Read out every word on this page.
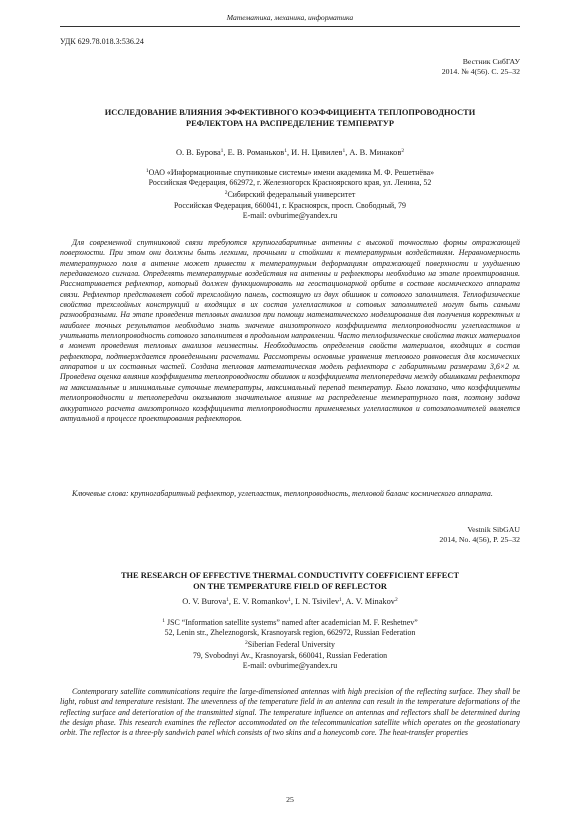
Математика, механика, информатика
УДК 629.78.018.3:536.24
Вестник СибГАУ
2014. № 4(56). С. 25–32
ИССЛЕДОВАНИЕ ВЛИЯНИЯ ЭФФЕКТИВНОГО КОЭФФИЦИЕНТА ТЕПЛОПРОВОДНОСТИ
РЕФЛЕКТОРА НА РАСПРЕДЕЛЕНИЕ ТЕМПЕРАТУР
О. В. Бурова$^1$, Е. В. Романьков$^1$, И. Н. Цивилев$^1$, А. В. Минаков$^2$
$^1$ОАО «Информационные спутниковые системы» имени академика М. Ф. Решетнёва»
Российская Федерация, 662972, г. Железногорск Красноярского края, ул. Ленина, 52
$^2$Сибирский федеральный университет
Российская Федерация, 660041, г. Красноярск, просп. Свободный, 79
E-mail: ovburime@yandex.ru

Для современной спутниковой связи требуются крупногабаритные антенны с высокой точностью формы отражающей поверхности. При этом они должны быть легкими, прочными и стойкими к температурным воздействиям. Неравномерность температурного поля в антенне может привести к температурным деформациям отражающей поверхности и ухудшению передаваемого сигнала. Определять температурные воздействия на антенны и рефлекторы необходимо на этапе проектирования. Рассматривается рефлектор, который должен функционировать на геостационарной орбите в составе космического аппарата связи. Рефлектор представляет собой трехслойную панель, состоящую из двух обшивок и сотового заполнителя. Теплофизические свойства трехслойных конструкций и входящих в их состав углепластиков и сотовых заполнителей могут быть самыми разнообразными. На этапе проведения тепловых анализов при помощи математического моделирования для получения корректных и наиболее точных результатов необходимо знать значение анизотропного коэффициента теплопроводности углепластиков и учитывать теплопроводность сотового заполнителя в продольном направлении. Часто теплофизические свойства таких материалов в момент проведения тепловых анализов неизвестны. Необходимость определения свойств материалов, входящих в состав рефлектора, подтверждается проведенными расчетами. Рассмотрены основные уравнения теплового равновесия для космических аппаратов и их составных частей. Создана тепловая математическая модель рефлектора с габаритными размерами 3,6×2 м. Проведена оценка влияния коэффициента теплопроводности обшивок и коэффициента теплопередачи между обшивками рефлектора на максимальные и минимальные суточные температуры, максимальный перепад температур. Было показано, что коэффициенты теплопроводности и теплопередачи оказывают значительное влияние на распределение температурного поля, поэтому задача аккуратного расчета анизотропного коэффициента теплопроводности применяемых углепластиков и сотозаполнителей является актуальной в процессе проектирования рефлекторов.

Ключевые слова: крупногабаритный рефлектор, углепластик, теплопроводность, тепловой баланс космического аппарата.

Vestnik SibGAU
2014, No. 4(56), P. 25–32
THE RESEARCH OF EFFECTIVE THERMAL CONDUCTIVITY COEFFICIENT EFFECT
ON THE TEMPERATURE FIELD OF REFLECTOR
O. V. Burova$^1$, E. V. Romankov$^1$, I. N. Tsivilev$^1$, A. V. Minakov$^2$
$^1$ JSC “Information satellite systems” named after academician M. F. Reshetnev”
52, Lenin str., Zheleznogorsk, Krasnoyarsk region, 662972, Russian Federation
$^2$Siberian Federal University
79, Svobodnyi Av., Krasnoyarsk, 660041, Russian Federation
E-mail: ovburime@yandex.ru

Contemporary satellite communications require the large-dimensioned antennas with high precision of the reflecting surface. They shall be light, robust and temperature resistant. The unevenness of the temperature field in an antenna can result in the temperature deformations of the reflecting surface and deterioration of the transmitted signal. The temperature influence on antennas and reflectors shall be determined during the design phase. This research examines the reflector accommodated on the telecommunication satellite which operates on the geostationary orbit. The reflector is a three-ply sandwich panel which consists of two skins and a honeycomb core. The heat-transfer properties

25
